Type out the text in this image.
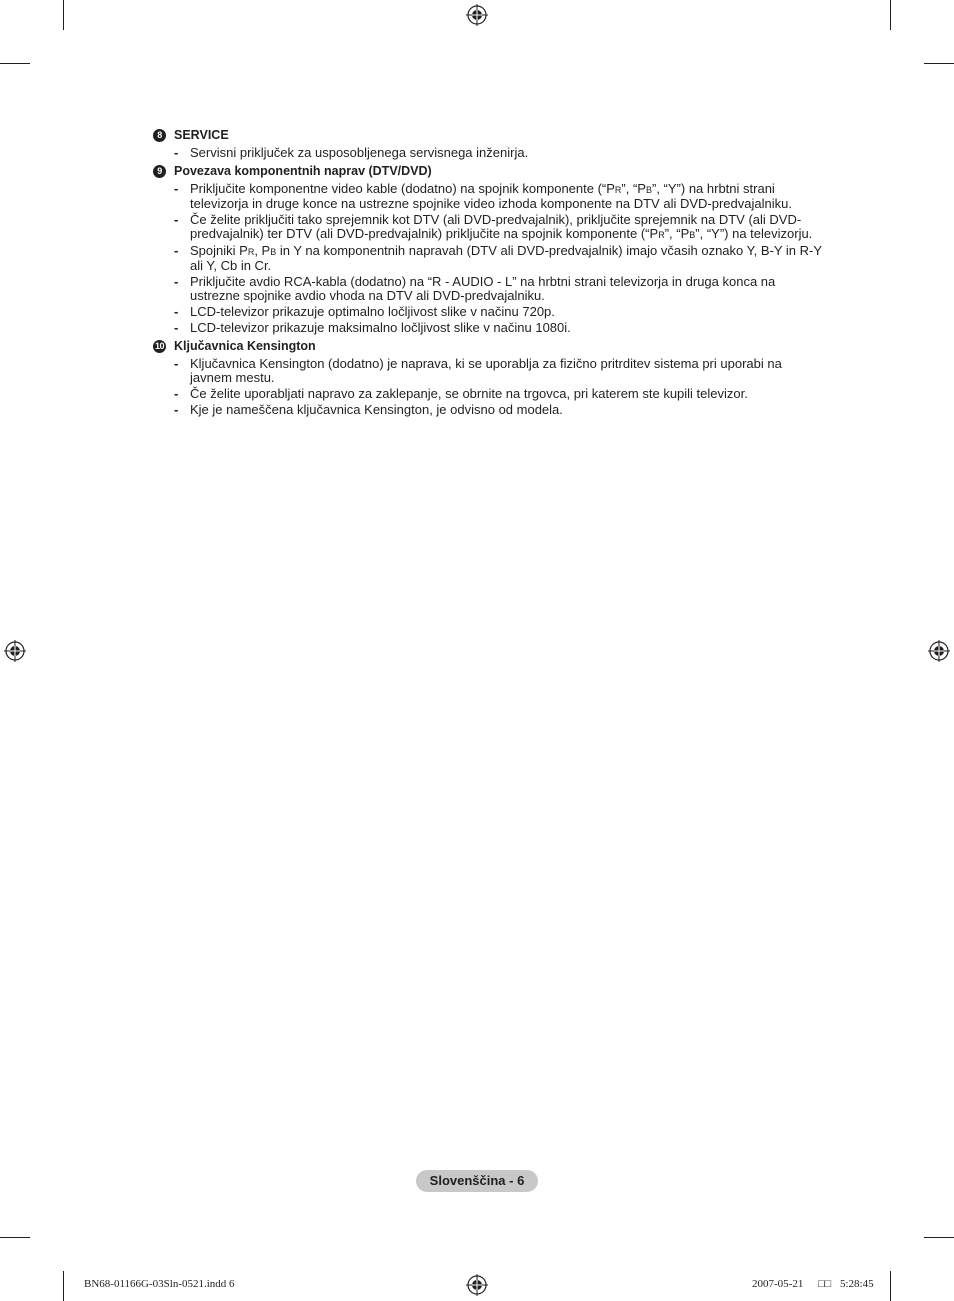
8 SERVICE
- Servisni priključek za usposobljenega servisnega inženirja.
9 Povezava komponentnih naprav (DTV/DVD)
- Priključite komponentne video kable (dodatno) na spojnik komponente (“PR”, “PB”, “Y”) na hrbtni strani televizorja in druge konce na ustrezne spojnike video izhoda komponente na DTV ali DVD-predvajalniku.
- Če želite priključiti tako sprejemnik kot DTV (ali DVD-predvajalnik), priključite sprejemnik na DTV (ali DVD-predvajalnik) ter DTV (ali DVD-predvajalnik) priključite na spojnik komponente (“PR”, “PB”, “Y”) na televizorju.
- Spojniki PR, PB in Y na komponentnih napravah (DTV ali DVD-predvajalnik) imajo včasih oznako Y, B-Y in R-Y ali Y, Cb in Cr.
- Priključite avdio RCA-kabla (dodatno) na “R - AUDIO - L” na hrbtni strani televizorja in druga konca na ustrezne spojnike avdio vhoda na DTV ali DVD-predvajalniku.
- LCD-televizor prikazuje optimalno ločljivost slike v načinu 720p.
- LCD-televizor prikazuje maksimalno ločljivost slike v načinu 1080i.
10 Ključavnica Kensington
- Ključavnica Kensington (dodatno) je naprava, ki se uporablja za fizično pritrditev sistema pri uporabi na javnem mestu.
- Če želite uporabljati napravo za zaklepanje, se obrnite na trgovca, pri katerem ste kupili televizor.
- Kje je nameščena ključavnica Kensington, je odvisno od modela.
Slovenščina - 6
BN68-01166G-03Sln-0521.indd 6	2007-05-21 □□ 5:28:45
